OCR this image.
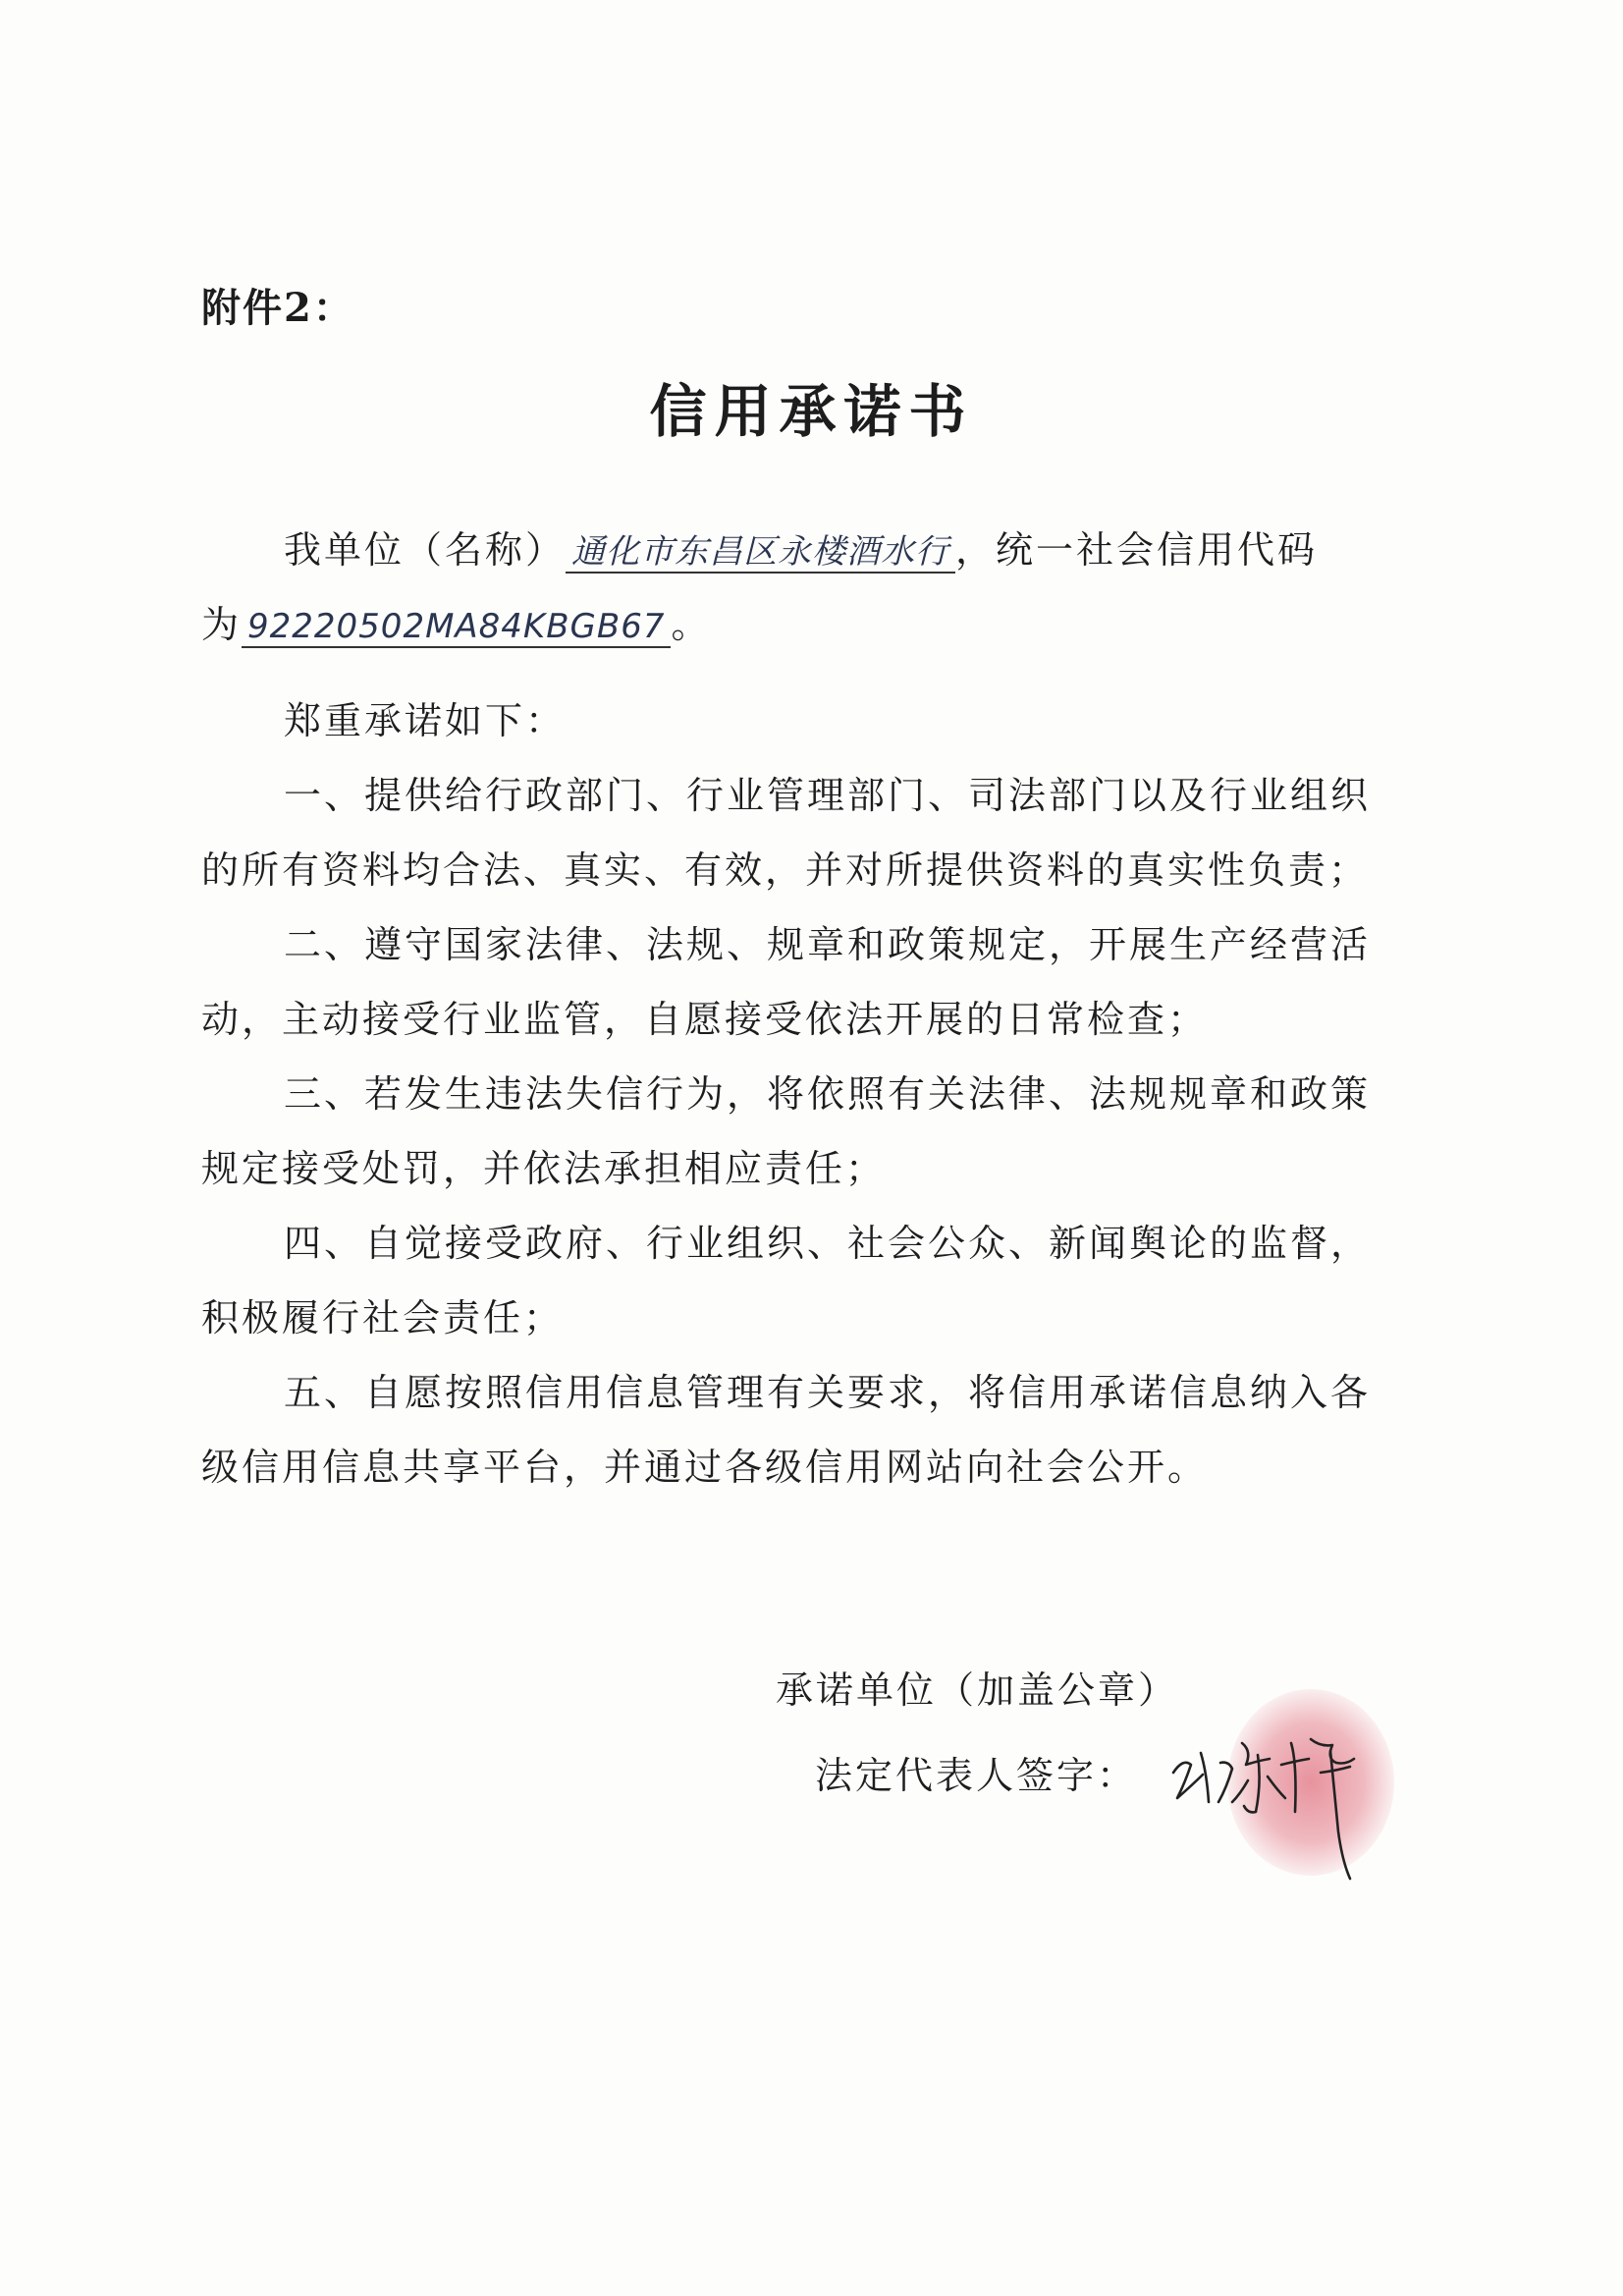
附件2：
信用承诺书
我单位（名称） 通化市东昌区永楼酒水行 ，统一社会信用代码
为 92220502MA84KBGB67 。
郑重承诺如下：
一、提供给行政部门、行业管理部门、司法部门以及行业组织
的所有资料均合法、真实、有效，并对所提供资料的真实性负责；
二、遵守国家法律、法规、规章和政策规定，开展生产经营活
动，主动接受行业监管，自愿接受依法开展的日常检查；
三、若发生违法失信行为，将依照有关法律、法规规章和政策
规定接受处罚，并依法承担相应责任；
四、自觉接受政府、行业组织、社会公众、新闻舆论的监督，
积极履行社会责任；
五、自愿按照信用信息管理有关要求，将信用承诺信息纳入各
级信用信息共享平台，并通过各级信用网站向社会公开。
承诺单位（加盖公章）
法定代表人签字：
